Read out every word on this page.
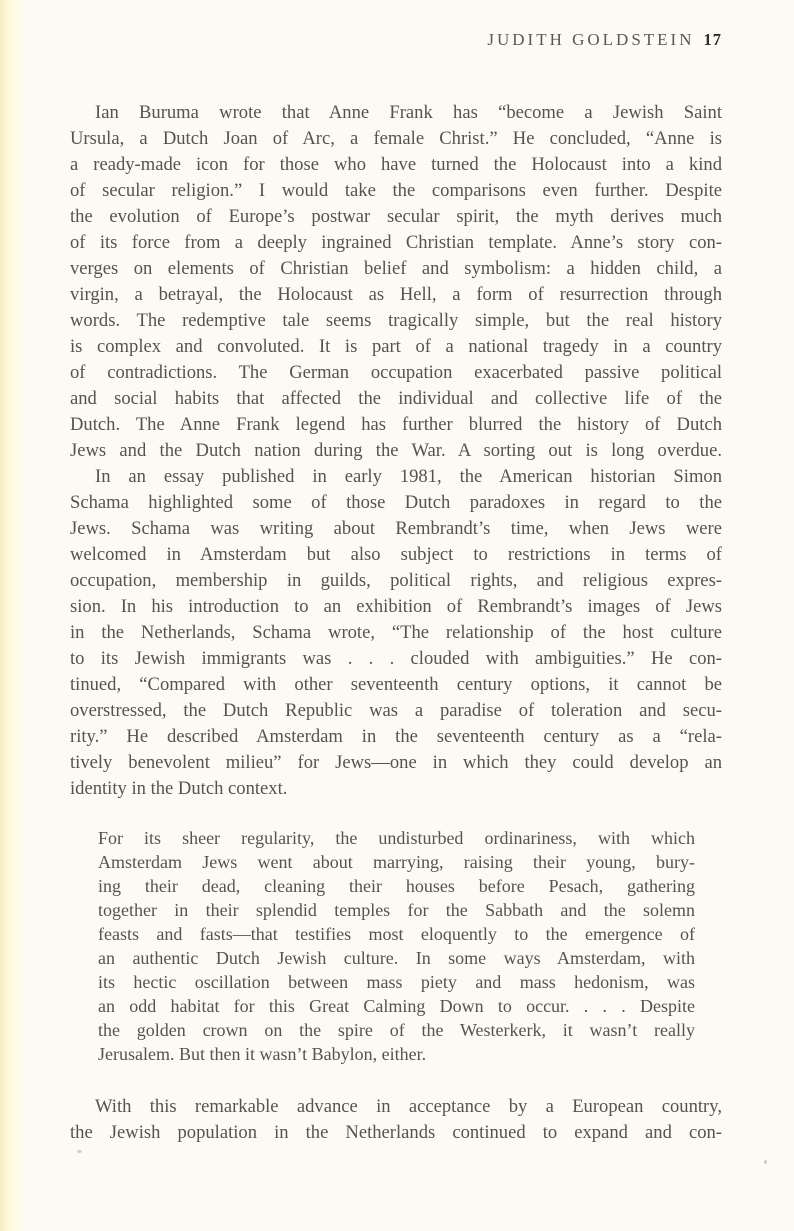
JUDITH GOLDSTEIN 17
Ian Buruma wrote that Anne Frank has “become a Jewish Saint
Ursula, a Dutch Joan of Arc, a female Christ.” He concluded, “Anne is
a ready-made icon for those who have turned the Holocaust into a kind
of secular religion.” I would take the comparisons even further. Despite
the evolution of Europe’s postwar secular spirit, the myth derives much
of its force from a deeply ingrained Christian template. Anne’s story con-
verges on elements of Christian belief and symbolism: a hidden child, a
virgin, a betrayal, the Holocaust as Hell, a form of resurrection through
words. The redemptive tale seems tragically simple, but the real history
is complex and convoluted. It is part of a national tragedy in a country
of contradictions. The German occupation exacerbated passive political
and social habits that affected the individual and collective life of the
Dutch. The Anne Frank legend has further blurred the history of Dutch
Jews and the Dutch nation during the War. A sorting out is long overdue.
In an essay published in early 1981, the American historian Simon
Schama highlighted some of those Dutch paradoxes in regard to the
Jews. Schama was writing about Rembrandt’s time, when Jews were
welcomed in Amsterdam but also subject to restrictions in terms of
occupation, membership in guilds, political rights, and religious expres-
sion. In his introduction to an exhibition of Rembrandt’s images of Jews
in the Netherlands, Schama wrote, “The relationship of the host culture
to its Jewish immigrants was . . . clouded with ambiguities.” He con-
tinued, “Compared with other seventeenth century options, it cannot be
overstressed, the Dutch Republic was a paradise of toleration and secu-
rity.” He described Amsterdam in the seventeenth century as a “rela-
tively benevolent milieu” for Jews—one in which they could develop an
identity in the Dutch context.
For its sheer regularity, the undisturbed ordinariness, with which
Amsterdam Jews went about marrying, raising their young, bury-
ing their dead, cleaning their houses before Pesach, gathering
together in their splendid temples for the Sabbath and the solemn
feasts and fasts—that testifies most eloquently to the emergence of
an authentic Dutch Jewish culture. In some ways Amsterdam, with
its hectic oscillation between mass piety and mass hedonism, was
an odd habitat for this Great Calming Down to occur. . . . Despite
the golden crown on the spire of the Westerkerk, it wasn’t really
Jerusalem. But then it wasn’t Babylon, either.
With this remarkable advance in acceptance by a European country,
the Jewish population in the Netherlands continued to expand and con-
